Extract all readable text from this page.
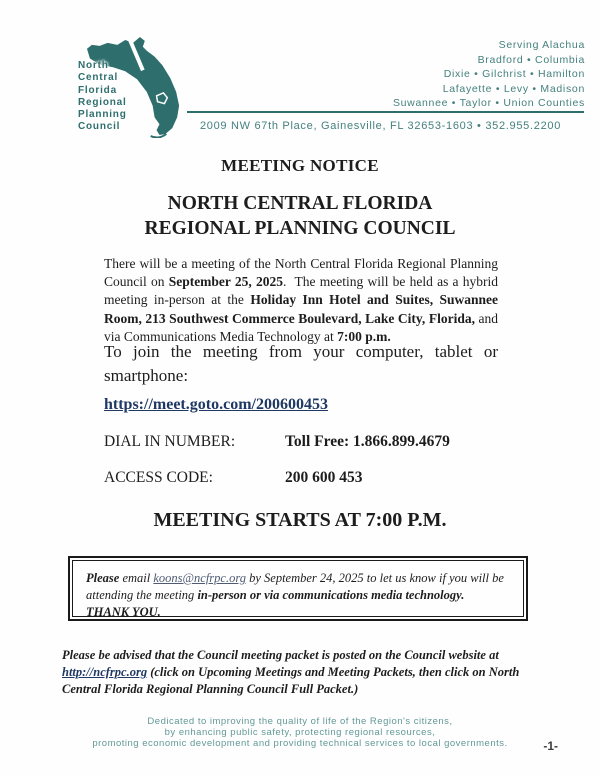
North
Central
Florida
Regional
Planning
Council
Serving Alachua
Bradford • Columbia
Dixie • Gilchrist • Hamilton
Lafayette • Levy • Madison
Suwannee • Taylor • Union Counties
2009 NW 67th Place, Gainesville, FL 32653-1603 • 352.955.2200
MEETING NOTICE
NORTH CENTRAL FLORIDA
REGIONAL PLANNING COUNCIL

There will be a meeting of the North Central Florida Regional Planning Council on September 25, 2025.  The meeting will be held as a hybrid meeting in-person at the Holiday Inn Hotel and Suites, Suwannee Room, 213 Southwest Commerce Boulevard, Lake City, Florida, and via Communications Media Technology at 7:00 p.m.

To join the meeting from your computer, tablet or smartphone:

https://meet.goto.com/200600453
DIAL IN NUMBER:	Toll Free: 1.866.899.4679
ACCESS CODE:	200 600 453
MEETING STARTS AT 7:00 P.M.

Please email koons@ncfrpc.org by September 24, 2025 to let us know if you will be attending the meeting in-person or via communications media technology.  THANK YOU.

Please be advised that the Council meeting packet is posted on the Council website at http://ncfrpc.org (click on Upcoming Meetings and Meeting Packets, then click on North Central Florida Regional Planning Council Full Packet.)

Dedicated to improving the quality of life of the Region's citizens,
by enhancing public safety, protecting regional resources,
promoting economic development and providing technical services to local governments.	-1-
